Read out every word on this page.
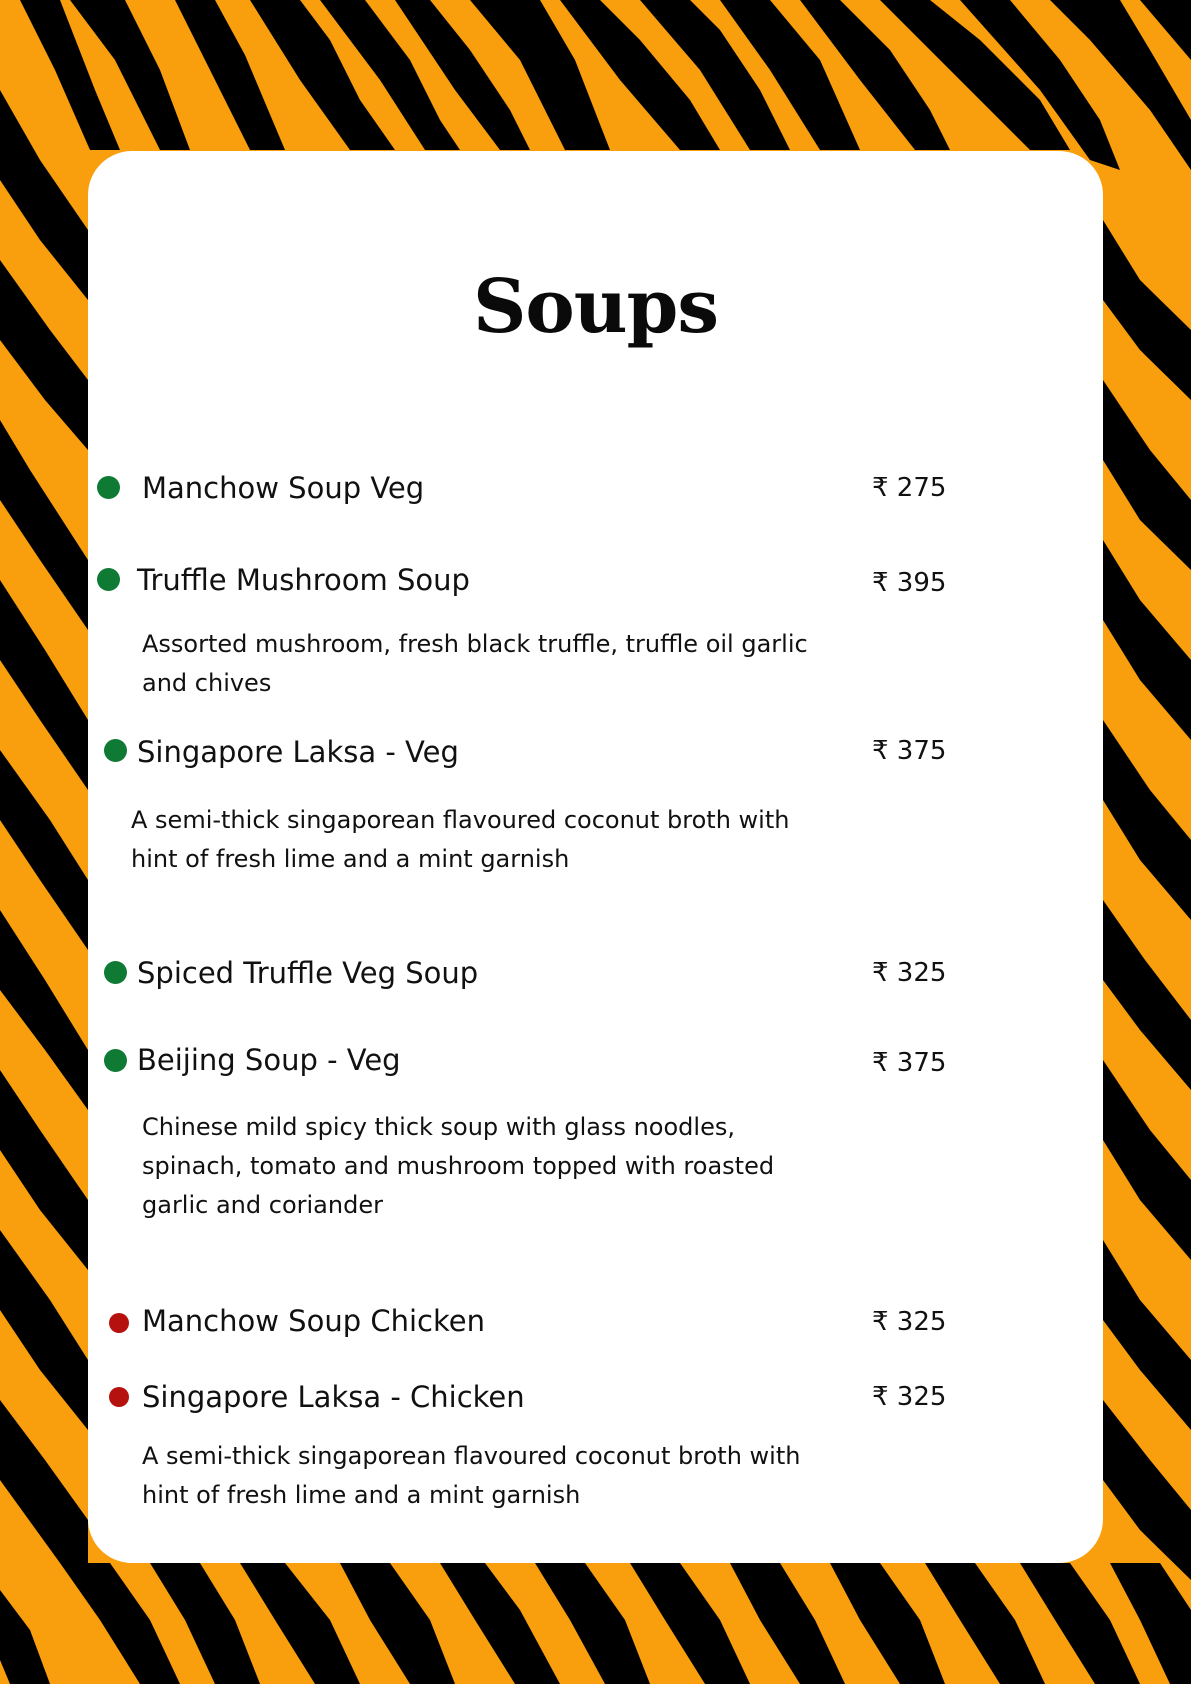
Soups
Manchow Soup Veg	₹ 275
Truffle Mushroom Soup	₹ 395
Assorted mushroom, fresh black truffle, truffle oil garlic and chives
Singapore Laksa - Veg	₹ 375
A semi-thick singaporean flavoured coconut broth with hint of fresh lime and a mint garnish
Spiced Truffle Veg Soup	₹ 325
Beijing Soup - Veg	₹ 375
Chinese mild spicy thick soup with glass noodles, spinach, tomato and mushroom topped with roasted garlic and coriander
Manchow Soup Chicken	₹ 325
Singapore Laksa - Chicken	₹ 325
A semi-thick singaporean flavoured coconut broth with hint of fresh lime and a mint garnish
